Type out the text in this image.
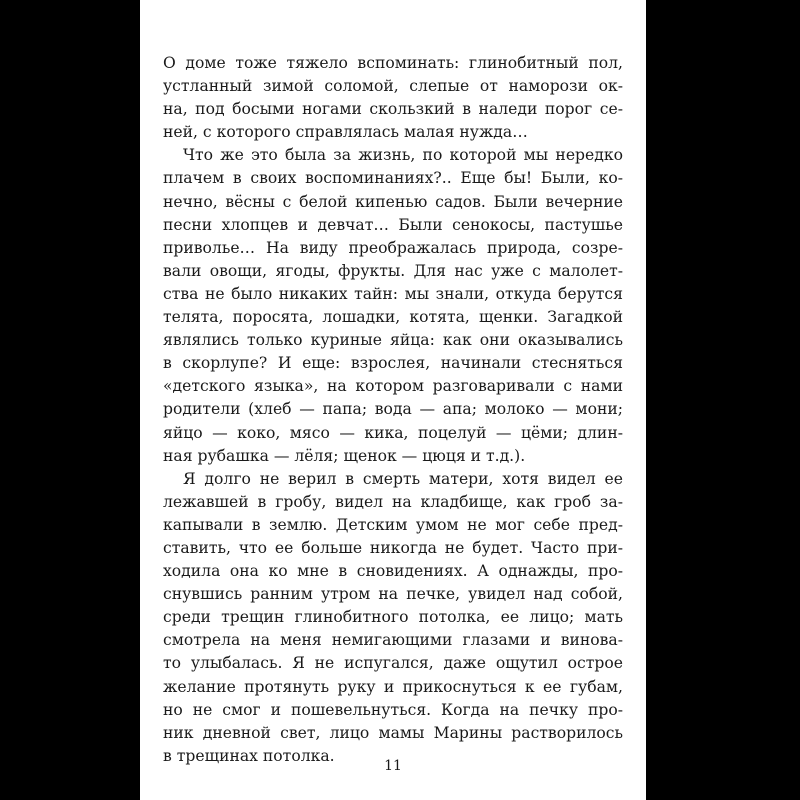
О доме тоже тяжело вспоминать: глинобитный пол,
устланный зимой соломой, слепые от наморози ок-
на, под босыми ногами скользкий в наледи порог се-
ней, с которого справлялась малая нужда…
Что же это была за жизнь, по которой мы нередко
плачем в своих воспоминаниях?.. Еще бы! Были, ко-
нечно, вёсны с белой кипенью садов. Были вечерние
песни хлопцев и девчат… Были сенокосы, пастушье
приволье… На виду преображалась природа, созре-
вали овощи, ягоды, фрукты. Для нас уже с малолет-
ства не было никаких тайн: мы знали, откуда берутся
телята, поросята, лошадки, котята, щенки. Загадкой
являлись только куриные яйца: как они оказывались
в скорлупе? И еще: взрослея, начинали стесняться
«детского языка», на котором разговаривали с нами
родители (хлеб — папа; вода — апа; молоко — мони;
яйцо — коко, мясо — кика, поцелуй — цёми; длин-
ная рубашка — лёля; щенок — цюця и т.д.).
Я долго не верил в смерть матери, хотя видел ее
лежавшей в гробу, видел на кладбище, как гроб за-
капывали в землю. Детским умом не мог себе пред-
ставить, что ее больше никогда не будет. Часто при-
ходила она ко мне в сновидениях. А однажды, про-
снувшись ранним утром на печке, увидел над собой,
среди трещин глинобитного потолка, ее лицо; мать
смотрела на меня немигающими глазами и винова-
то улыбалась. Я не испугался, даже ощутил острое
желание протянуть руку и прикоснуться к ее губам,
но не смог и пошевельнуться. Когда на печку про-
ник дневной свет, лицо мамы Марины растворилось
в трещинах потолка.
11
